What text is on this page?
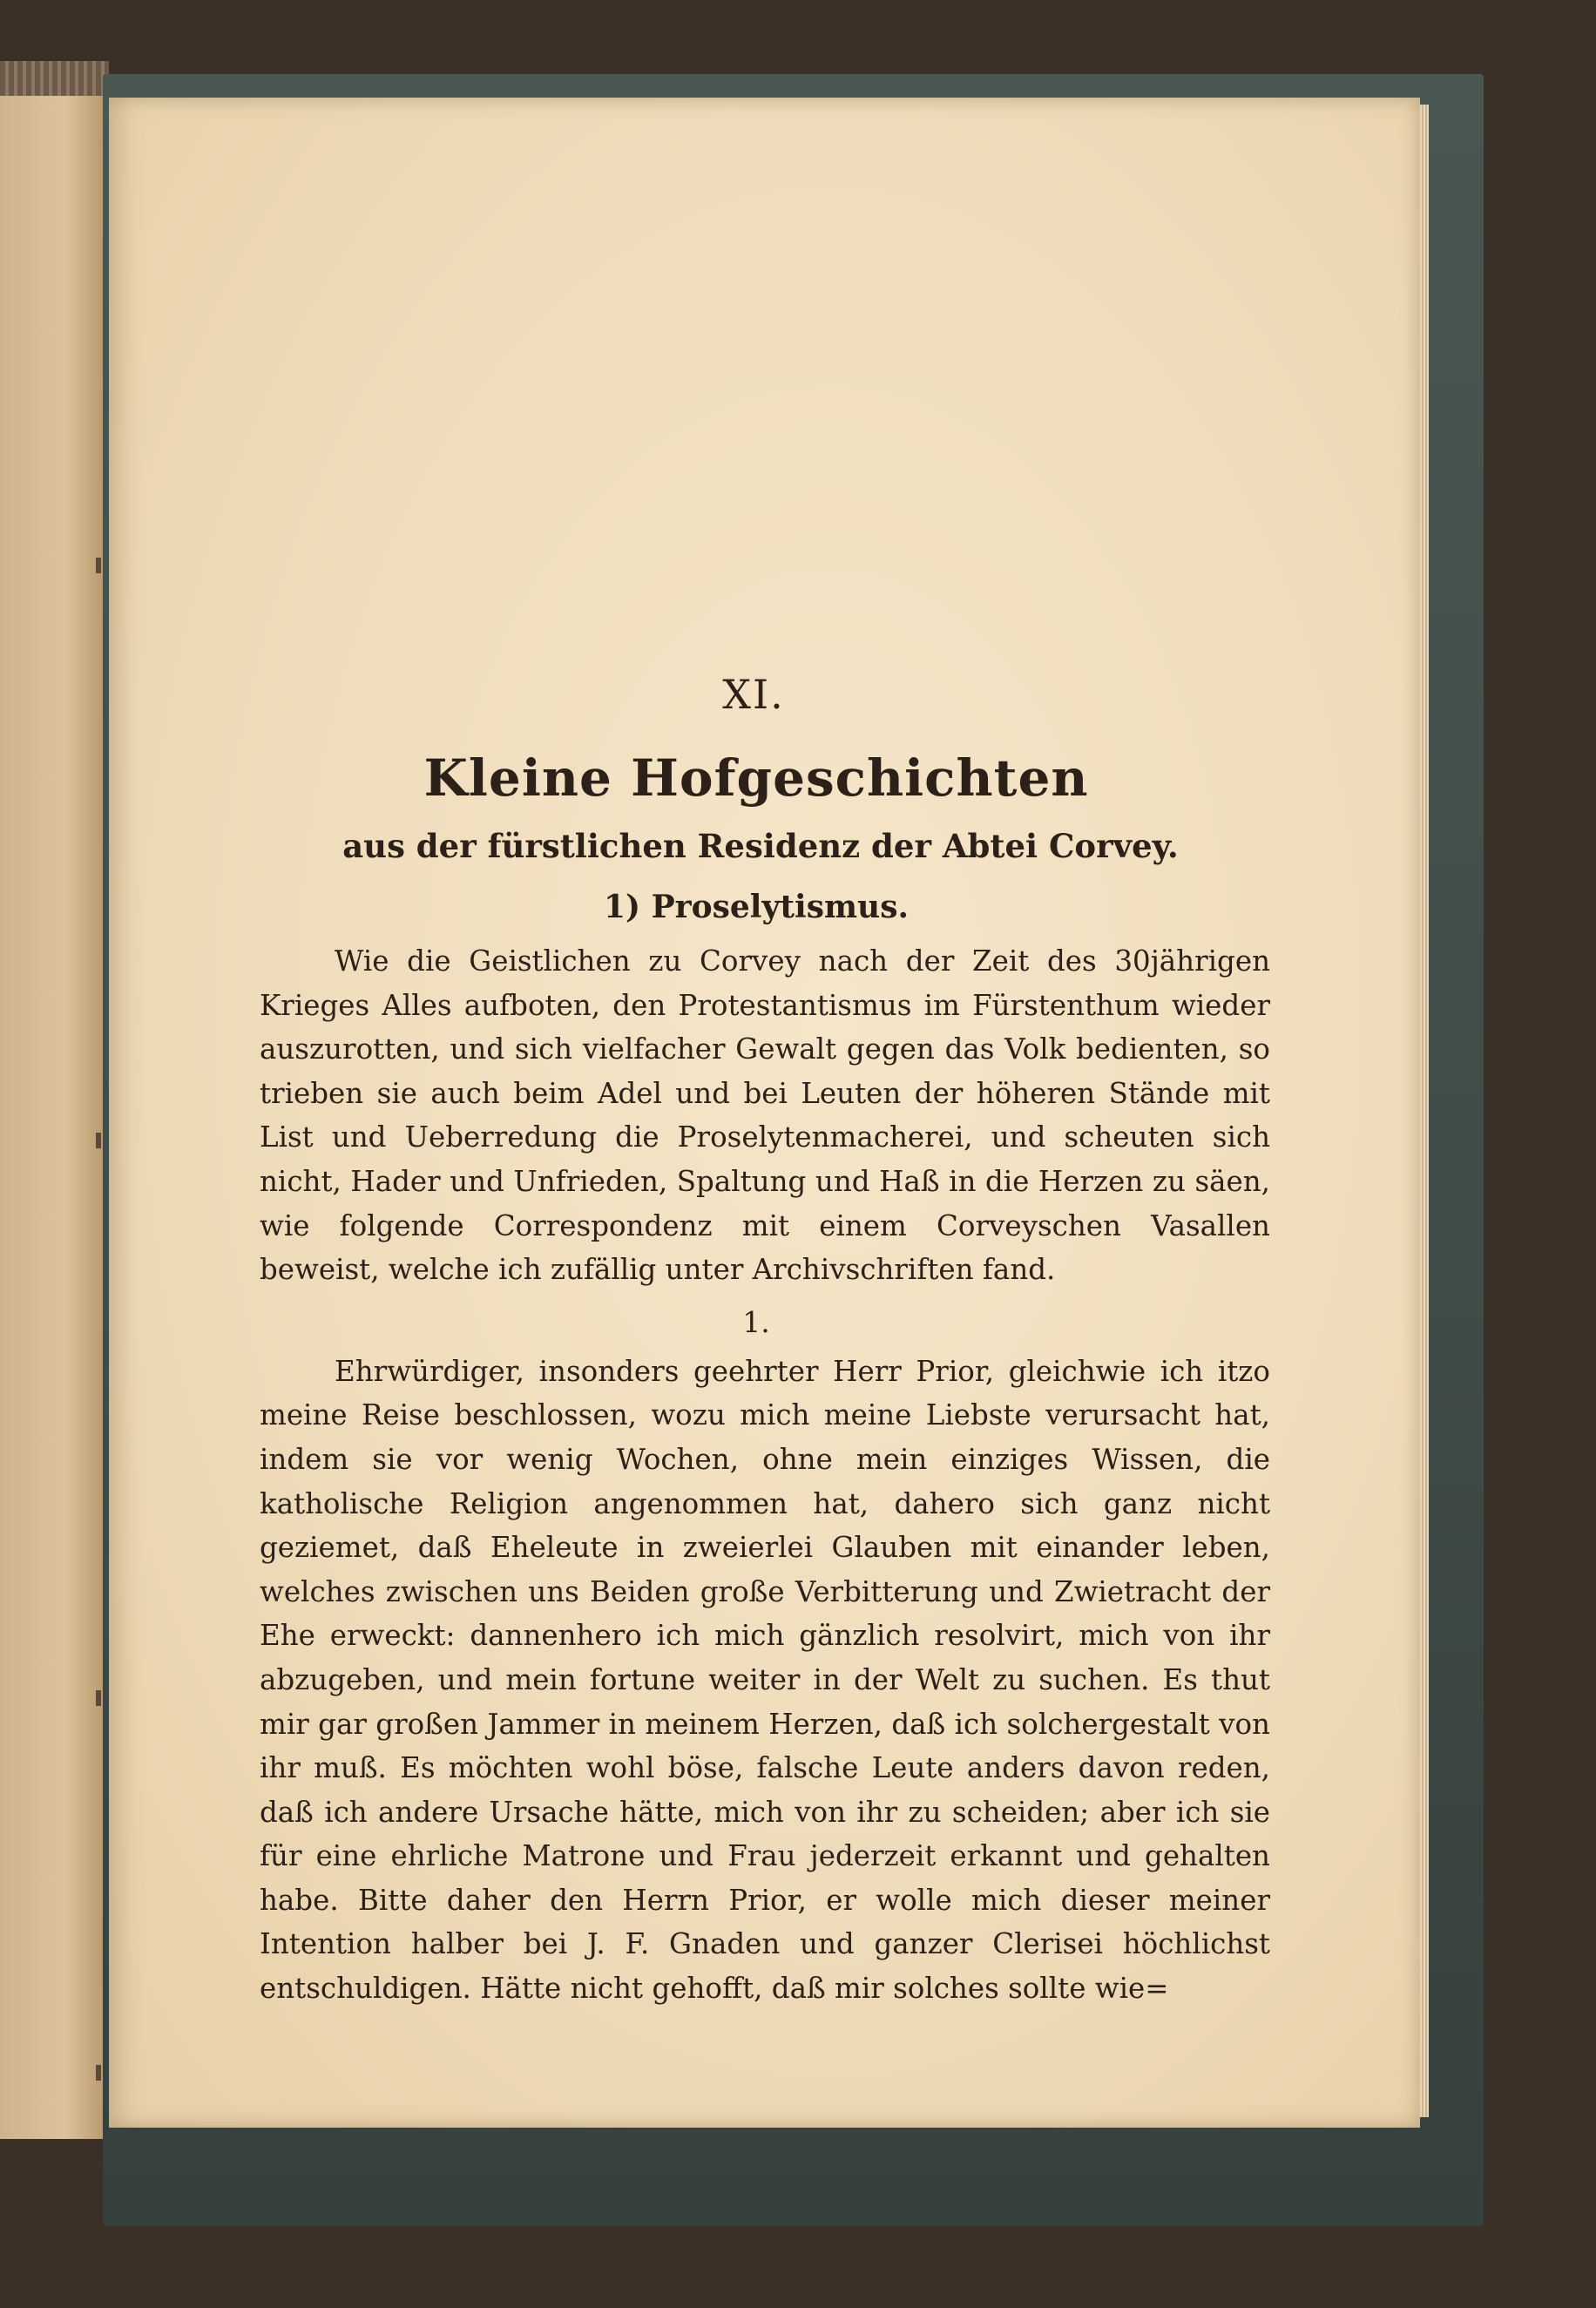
XI.
Kleine Hofgeschichten
aus der fürstlichen Residenz der Abtei Corvey.
1) Proselytismus.

Wie die Geistlichen zu Corvey nach der Zeit des 30jährigen Krieges Alles aufboten, den Protestantismus im Fürstenthum wieder auszurotten, und sich vielfacher Gewalt gegen das Volk bedienten, so trieben sie auch beim Adel und bei Leuten der höheren Stände mit List und Ueberredung die Proselytenmacherei, und scheuten sich nicht, Hader und Unfrieden, Spaltung und Haß in die Herzen zu säen, wie folgende Correspondenz mit einem Corveyschen Vasallen beweist, welche ich zufällig unter Archivschriften fand.

1.

Ehrwürdiger, insonders geehrter Herr Prior, gleichwie ich itzo meine Reise beschlossen, wozu mich meine Liebste verursacht hat, indem sie vor wenig Wochen, ohne mein einziges Wissen, die katholische Religion angenommen hat, dahero sich ganz nicht geziemet, daß Eheleute in zweierlei Glauben mit einander leben, welches zwischen uns Beiden große Verbitterung und Zwietracht der Ehe erweckt: dannenhero ich mich gänzlich resolvirt, mich von ihr abzugeben, und mein fortune weiter in der Welt zu suchen. Es thut mir gar großen Jammer in meinem Herzen, daß ich solchergestalt von ihr muß. Es möchten wohl böse, falsche Leute anders davon reden, daß ich andere Ursache hätte, mich von ihr zu scheiden; aber ich sie für eine ehrliche Matrone und Frau jederzeit erkannt und gehalten habe. Bitte daher den Herrn Prior, er wolle mich dieser meiner Intention halber bei J. F. Gnaden und ganzer Clerisei höchlichst entschuldigen. Hätte nicht gehofft, daß mir solches sollte wie=
